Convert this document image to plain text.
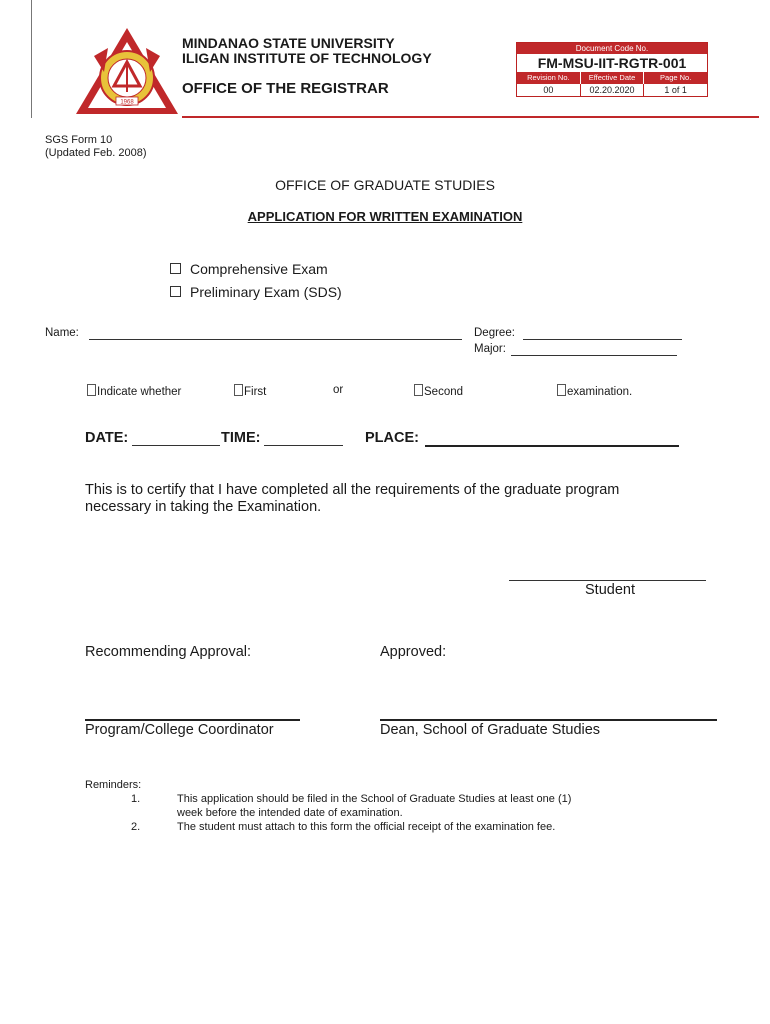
1968
MINDANAO STATE UNIVERSITY
ILIGAN INSTITUTE OF TECHNOLOGY
OFFICE OF THE REGISTRAR
Document Code No.
FM-MSU-IIT-RGTR-001
Revision No.	Effective Date	Page No.
00	02.20.2020	1 of 1
SGS Form 10
(Updated Feb. 2008)
OFFICE OF GRADUATE STUDIES
APPLICATION FOR WRITTEN EXAMINATION
Comprehensive Exam
Preliminary Exam (SDS)
Name:	Degree:
Major:
Indicate whether	First	or	Second	examination.
DATE:	TIME:	PLACE:
This is to certify that I have completed all the requirements of the graduate program
necessary in taking the Examination.
Student
Recommending Approval:	Approved:
Program/College Coordinator	Dean, School of Graduate Studies
Reminders:
1.	This application should be filed in the School of Graduate Studies at least one (1)
week before the intended date of examination.
2.	The student must attach to this form the official receipt of the examination fee.
